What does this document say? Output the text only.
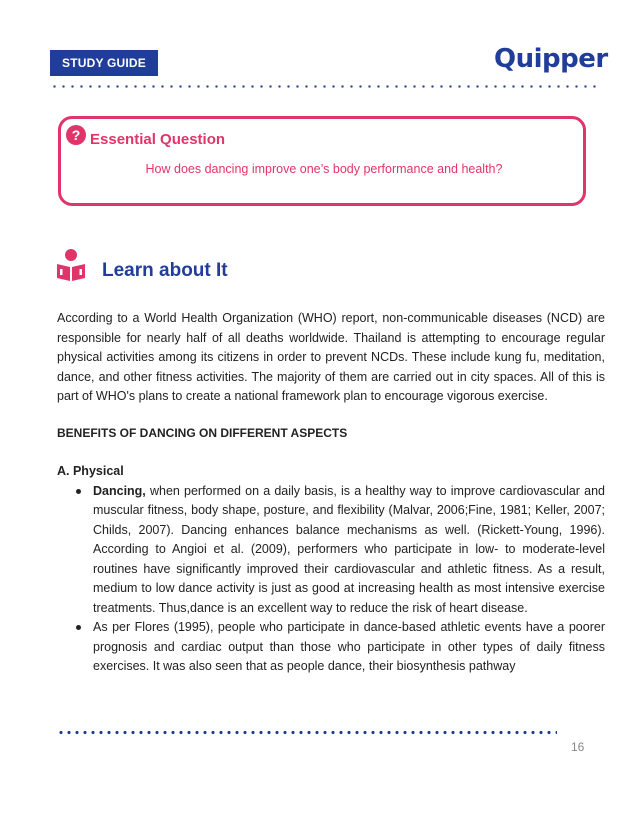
STUDY GUIDE	Quipper
? Essential Question
How does dancing improve one’s body performance and health?
Learn about It

According to a World Health Organization (WHO) report, non-communicable diseases (NCD) are responsible for nearly half of all deaths worldwide. Thailand is attempting to encourage regular physical activities among its citizens in order to prevent NCDs. These include kung fu, meditation, dance, and other fitness activities. The majority of them are carried out in city spaces. All of this is part of WHO's plans to create a national framework plan to encourage vigorous exercise.

BENEFITS OF DANCING ON DIFFERENT ASPECTS

A. Physical

Dancing, when performed on a daily basis, is a healthy way to improve cardiovascular and muscular fitness, body shape, posture, and flexibility (Malvar, 2006;Fine, 1981; Keller, 2007; Childs, 2007). Dancing enhances balance mechanisms as well. (Rickett-Young, 1996). According to Angioi et al. (2009), performers who participate in low- to moderate-level routines have significantly improved their cardiovascular and athletic fitness. As a result, medium to low dance activity is just as good at increasing health as most intensive exercise treatments. Thus,dance is an excellent way to reduce the risk of heart disease.
As per Flores (1995), people who participate in dance-based athletic events have a poorer prognosis and cardiac output than those who participate in other types of daily fitness exercises. It was also seen that as people dance, their biosynthesis pathway
16
